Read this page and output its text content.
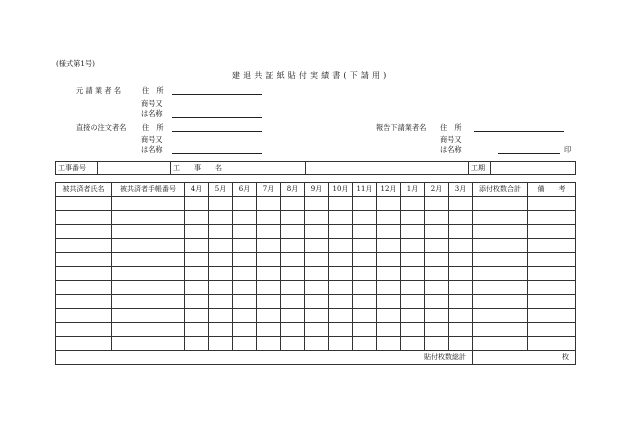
(様式第1号)
建 退 共 証 紙 貼 付 実 績 書 ( 下 請 用 )
元 請 業 者 名	住　所
商号又
は名称
直接の注文者名 住　所
商号又
は名称
報告下請業者名 住　所
商号又
は名称	印
工事番号		工　　事　　名			工期	
被共済者氏名	被共済者手帳番号	4月	5月	6月	7月	8月	9月	10月	11月	12月	1月	2月	3月	添付枚数合計	備　　考

貼付枚数総計														枚	
